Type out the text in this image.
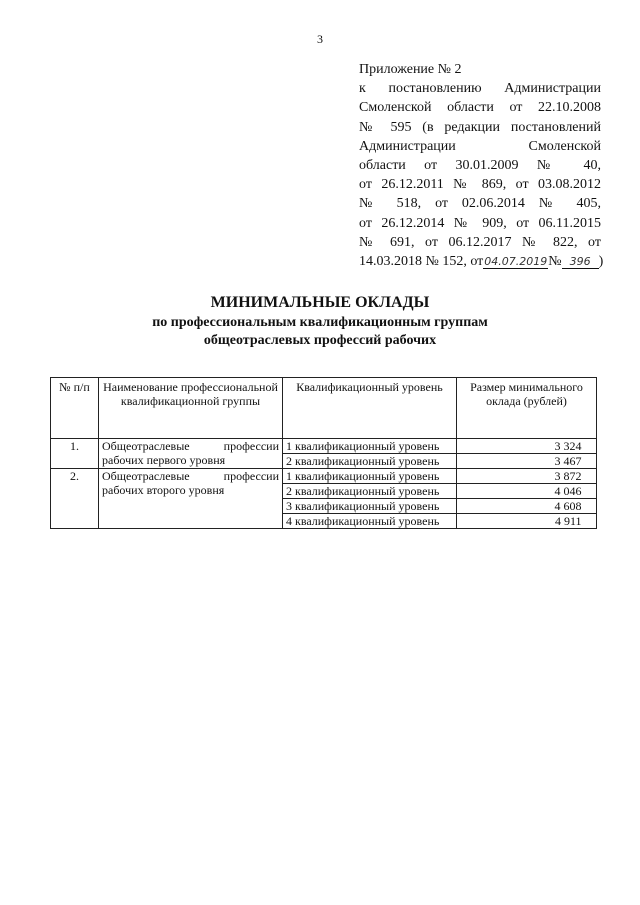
3
Приложение № 2
к постановлению Администрации
Смоленской области от 22.10.2008
№ 595 (в редакции постановлений
Администрации Смоленской
области от 30.01.2009 № 40,
от 26.12.2011 № 869, от 03.08.2012
№ 518, от 02.06.2014 № 405,
от 26.12.2014 № 909, от 06.11.2015
№ 691, от 06.12.2017 № 822, от
14.03.2018 № 152, от04.07.2019№ 396 )
МИНИМАЛЬНЫЕ ОКЛАДЫ
по профессиональным квалификационным группам
общеотраслевых профессий рабочих
№ п/п	Наименование профессиональной квалификационной группы	Квалификационный уровень	Размер минимального оклада (рублей)
1.	Общеотраслевые профессии рабочих первого уровня	1 квалификационный уровень	3 324
		2 квалификационный уровень	3 467
2.	Общеотраслевые профессии рабочих второго уровня	1 квалификационный уровень	3 872
		2 квалификационный уровень	4 046
		3 квалификационный уровень	4 608
		4 квалификационный уровень	4 911
